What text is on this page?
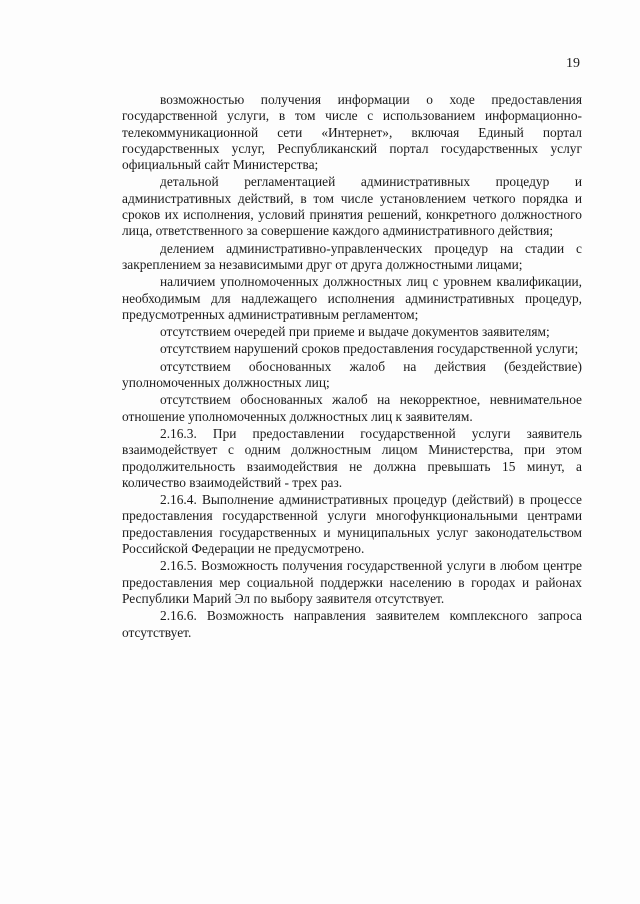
19

возможностью получения информации о ходе предоставления государственной услуги, в том числе с использованием информационно-телекоммуникационной сети «Интернет», включая Единый портал государственных услуг, Республиканский портал государственных услуг официальный сайт Министерства;

детальной регламентацией административных процедур и административных действий, в том числе установлением четкого порядка и сроков их исполнения, условий принятия решений, конкретного должностного лица, ответственного за совершение каждого административного действия;

делением административно-управленческих процедур на стадии с закреплением за независимыми друг от друга должностными лицами;

наличием уполномоченных должностных лиц с уровнем квалификации, необходимым для надлежащего исполнения административных процедур, предусмотренных административным регламентом;

отсутствием очередей при приеме и выдаче документов заявителям;

отсутствием нарушений сроков предоставления государственной услуги;

отсутствием обоснованных жалоб на действия (бездействие) уполномоченных должностных лиц;

отсутствием обоснованных жалоб на некорректное, невнимательное отношение уполномоченных должностных лиц к заявителям.

2.16.3. При предоставлении государственной услуги заявитель взаимодействует с одним должностным лицом Министерства, при этом продолжительность взаимодействия не должна превышать 15 минут, а количество взаимодействий - трех раз.

2.16.4. Выполнение административных процедур (действий) в процессе предоставления государственной услуги многофункциональными центрами предоставления государственных и муниципальных услуг законодательством Российской Федерации не предусмотрено.

2.16.5. Возможность получения государственной услуги в любом центре предоставления мер социальной поддержки населению в городах и районах Республики Марий Эл по выбору заявителя отсутствует.

2.16.6. Возможность направления заявителем комплексного запроса отсутствует.
